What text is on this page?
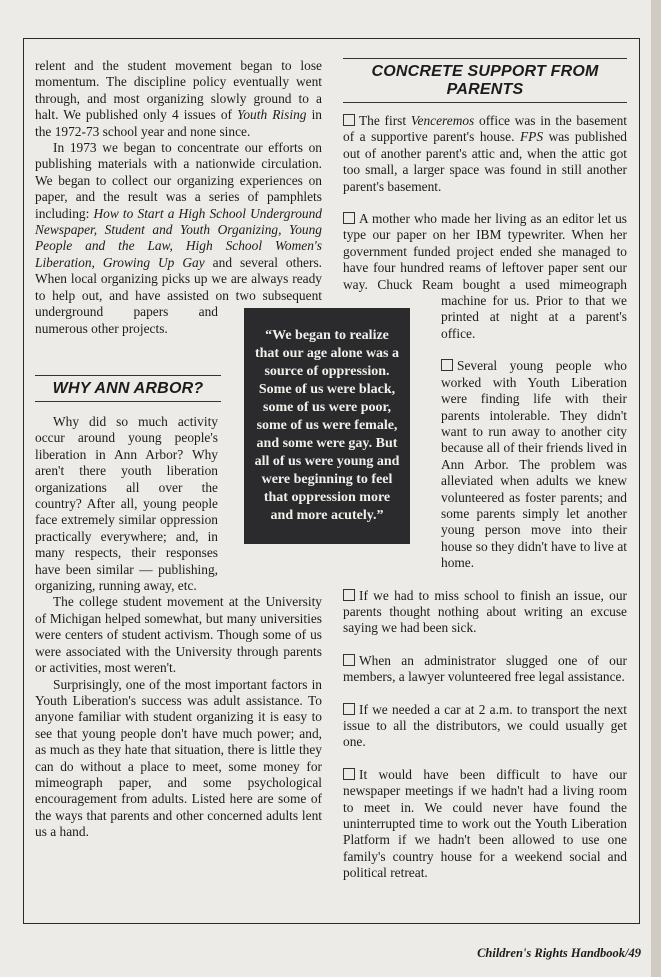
relent and the student movement began to lose momentum. The discipline policy eventually went through, and most organizing slowly ground to a halt. We published only 4 issues of Youth Rising in the 1972-73 school year and none since.

In 1973 we began to concentrate our efforts on publishing materials with a nationwide circulation. We began to collect our organizing experiences on paper, and the result was a series of pamphlets including: How to Start a High School Underground Newspaper, Student and Youth Organizing, Young People and the Law, High School Women's Liberation, Growing Up Gay and several others. When local organizing picks up we are always ready to help out, and have assisted on two subsequent underground papers and numerous other projects.

WHY ANN ARBOR?

Why did so much activity occur around young people's liberation in Ann Arbor? Why aren't there youth liberation organizations all over the country? After all, young people face extremely similar oppression practically everywhere; and, in many respects, their responses have been similar — publishing, organizing, running away, etc.

The college student movement at the University of Michigan helped somewhat, but many universities were centers of student activism. Though some of us were associated with the University through parents or activities, most weren't.

Surprisingly, one of the most important factors in Youth Liberation's success was adult assistance. To anyone familiar with student organizing it is easy to see that young people don't have much power; and, as much as they hate that situation, there is little they can do without a place to meet, some money for mimeograph paper, and some psychological encouragement from adults. Listed here are some of the ways that parents and other concerned adults lent us a hand.

“We began to realize that our age alone was a source of oppression. Some of us were black, some of us were poor, some of us were female, and some were gay. But all of us were young and were beginning to feel that oppression more and more acutely.”
CONCRETE SUPPORT FROM PARENTS

The first Venceremos office was in the basement of a supportive parent's house. FPS was published out of another parent's attic and, when the attic got too small, a larger space was found in still another parent's basement.

A mother who made her living as an editor let us type our paper on her IBM typewriter. When her government funded project ended she managed to have four hundred reams of leftover paper sent our way. Chuck Ream bought a used mimeograph machine for us. Prior to that we printed at night at a parent's office.

Several young people who worked with Youth Liberation were finding life with their parents intolerable. They didn't want to run away to another city because all of their friends lived in Ann Arbor. The problem was alleviated when adults we knew volunteered as foster parents; and some parents simply let another young person move into their house so they didn't have to live at home.

If we had to miss school to finish an issue, our parents thought nothing about writing an excuse saying we had been sick.

When an administrator slugged one of our members, a lawyer volunteered free legal assistance.

If we needed a car at 2 a.m. to transport the next issue to all the distributors, we could usually get one.

It would have been difficult to have our newspaper meetings if we hadn't had a living room to meet in. We could never have found the uninterrupted time to work out the Youth Liberation Platform if we hadn't been allowed to use one family's country house for a weekend social and political retreat.

Children's Rights Handbook/49
